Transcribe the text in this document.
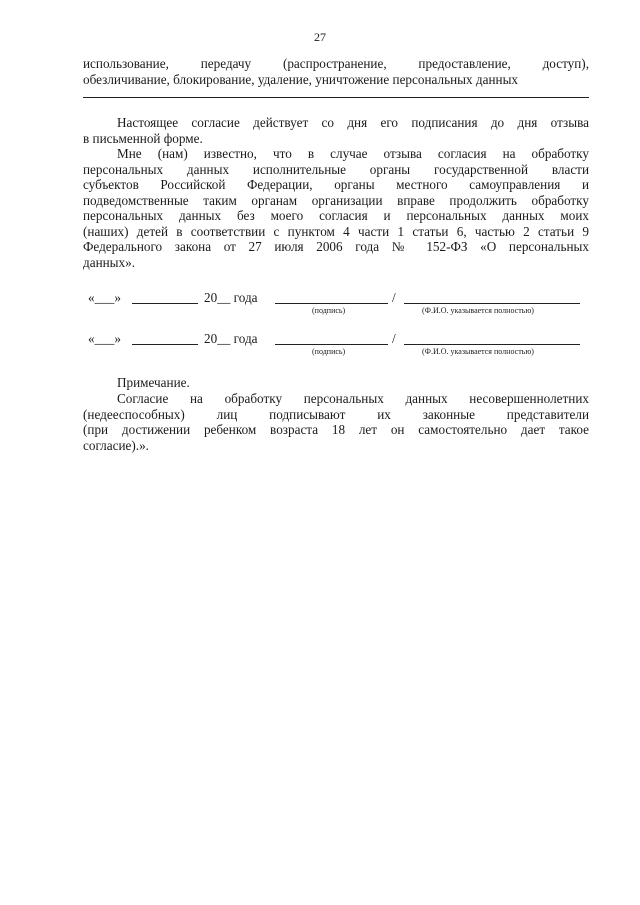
27
использование, передачу (распространение, предоставление, доступ),
обезличивание, блокирование, удаление, уничтожение персональных данных
Настоящее согласие действует со дня его подписания до дня отзыва
в письменной форме.
Мне (нам) известно, что в случае отзыва согласия на обработку
персональных данных исполнительные органы государственной власти
субъектов Российской Федерации, органы местного самоуправления и
подведомственные таким органам организации вправе продолжить обработку
персональных данных без моего согласия и персональных данных моих
(наших) детей в соответствии с пунктом 4 части 1 статьи 6, частью 2 статьи 9
Федерального закона от 27 июля 2006 года № 152-ФЗ «О персональных
данных».
«___»	20__ года	/
(подпись)	(Ф.И.О. указывается полностью)
«___»	20__ года	/
(подпись)	(Ф.И.О. указывается полностью)
Примечание.
Согласие на обработку персональных данных несовершеннолетних
(недееспособных) лиц подписывают их законные представители
(при достижении ребенком возраста 18 лет он самостоятельно дает такое
согласие).».
